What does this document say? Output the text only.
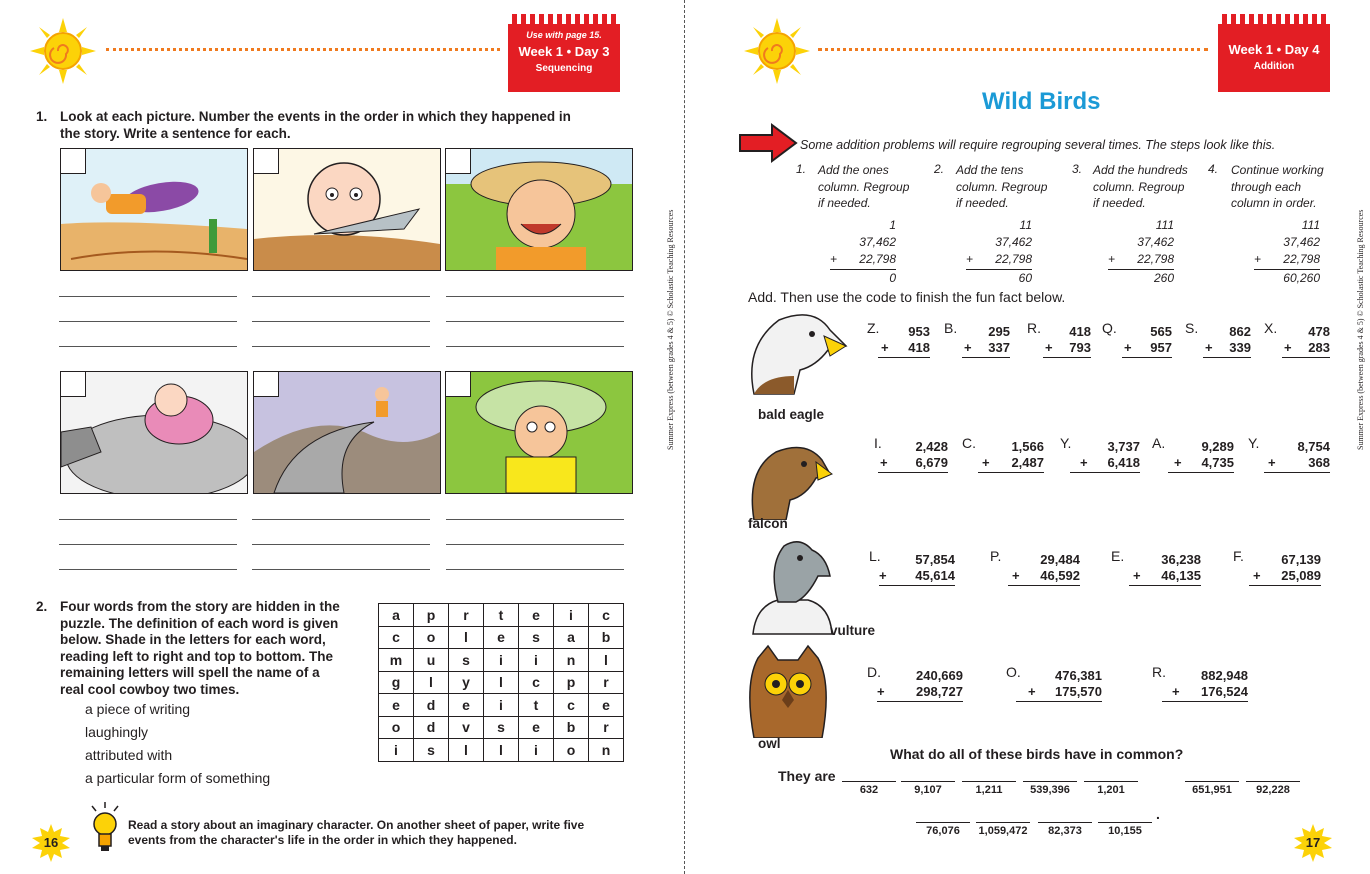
Use with page 15.
Week 1 • Day 3
Sequencing
1. Look at each picture. Number the events in the order in which they happened in
the story. Write a sentence for each.
2. Four words from the story are hidden in the
puzzle. The definition of each word is given
below. Shade in the letters for each word,
reading left to right and top to bottom. The
remaining letters will spell the name of a
real cool cowboy two times.
a piece of writing
laughingly
attributed with
a particular form of something
a	p	r	t	e	i	c
c	o	l	e	s	a	b
m	u	s	i	i	n	l
g	l	y	l	c	p	r
e	d	e	i	t	c	e
o	d	v	s	e	b	r
i	s	l	l	i	o	n
Read a story about an imaginary character. On another sheet of paper, write five
events from the character's life in the order in which they happened.
16
Week 1 • Day 4
Addition
Wild Birds
Some addition problems will require regrouping several times. The steps look like this.
1. Add the ones
column. Regroup
if needed.
2. Add the tens
column. Regroup
if needed.
3. Add the hundreds
column. Regroup
if needed.
4. Continue working
through each
column in order.
1
37,462
+ 22,798
0
11
37,462
+ 22,798
60
111
37,462
+ 22,798
260
111
37,462
+ 22,798
60,260
Add. Then use the code to finish the fun fact below.
bald eagle
falcon
vulture
owl
Z. 953
+ 418
B. 295
+ 337
R. 418
+ 793
Q.	565
+ 957
S. 862
+ 339
X. 478
+ 283
I.	2,428
+ 6,679
C.	1,566
+ 2,487
Y.	3,737
+ 6,418
A.	9,289
+ 4,735
Y.	8,754
+	368
L.	57,854
+ 45,614
P.	29,484
+ 46,592
E.	36,238
+ 46,135
F.	67,139
+ 25,089
D.	240,669
+ 298,727
O.	476,381
+ 175,570
R.	882,948
+ 176,524
What do all of these birds have in common?
They are
632	9,107	1,211	539,396	1,201	651,951	92,228
76,076	1,059,472	82,373	10,155
.
17
Summer Express (between grades 4 & 5) © Scholastic Teaching Resources	Summer Express (between grades 4 & 5) © Scholastic Teaching Resources
